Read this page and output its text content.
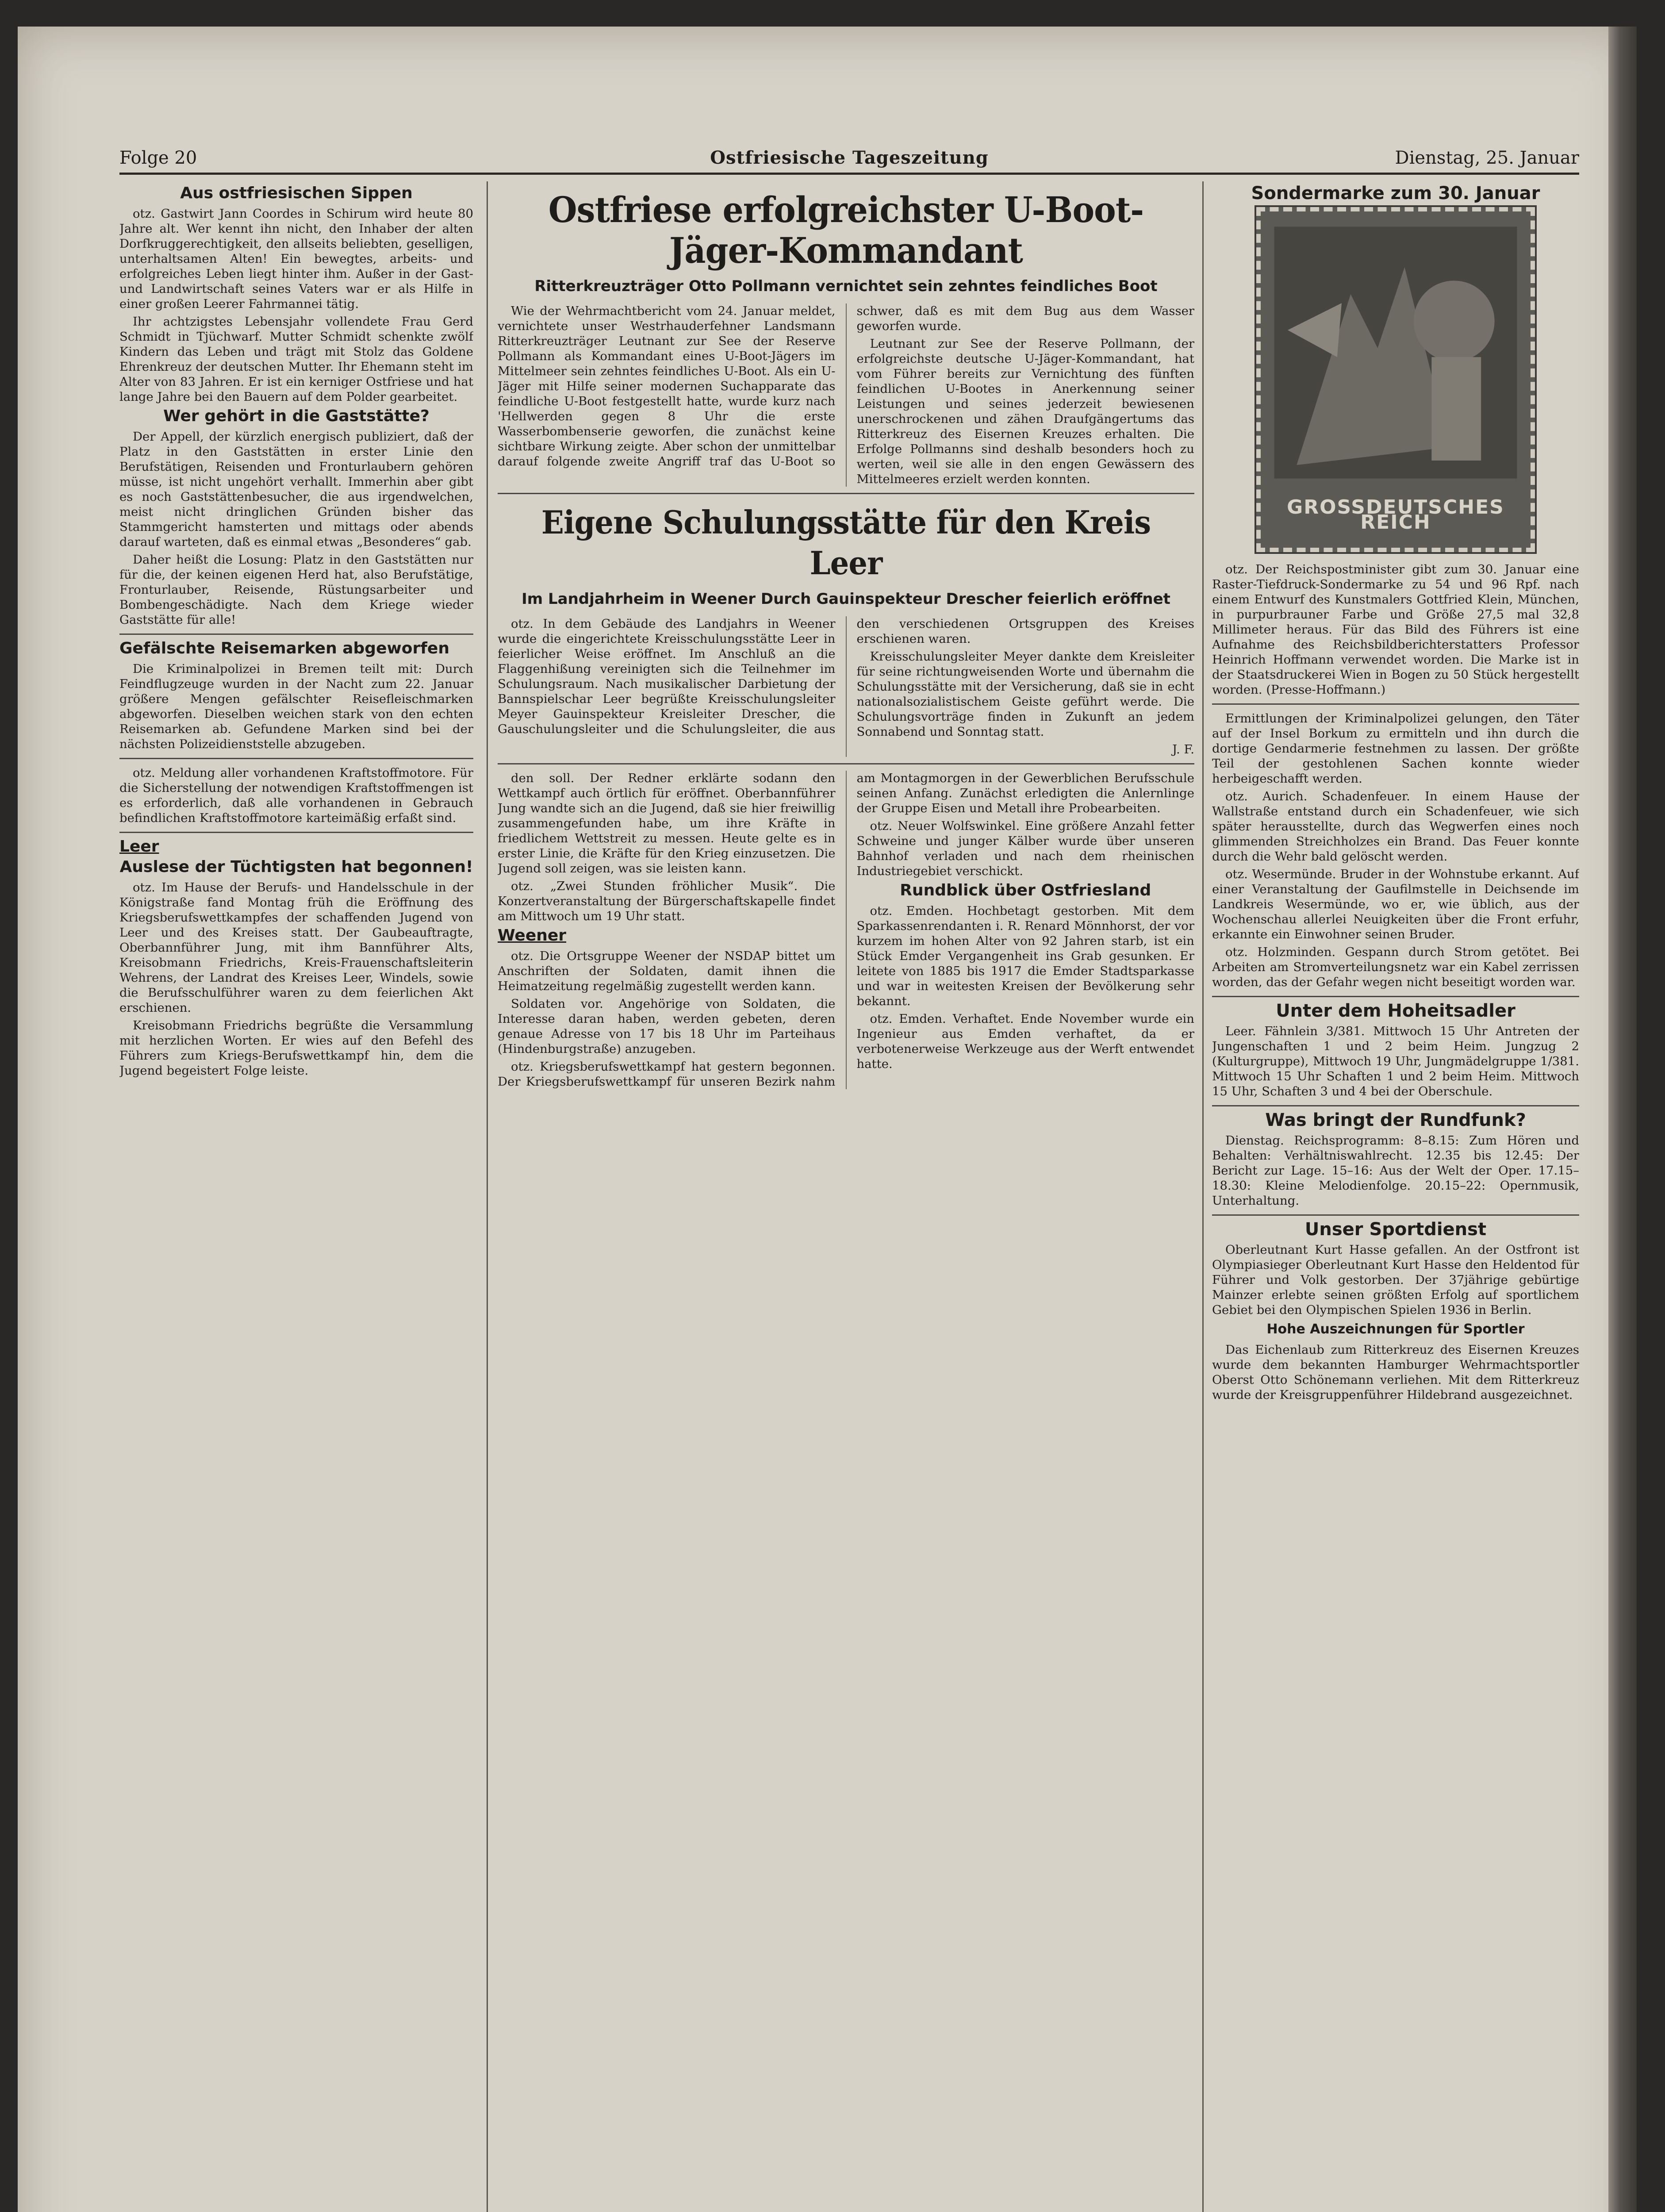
Folge 20	Ostfriesische Tageszeitung	Dienstag, 25. Januar
Aus ostfriesischen Sippen

otz. Gastwirt Jann Coordes in Schirum wird heute 80 Jahre alt. Wer kennt ihn nicht, den Inhaber der alten Dorfkruggerechtigkeit, den allseits beliebten, geselligen, unterhaltsamen Alten! Ein bewegtes, arbeits- und erfolgreiches Leben liegt hinter ihm. Außer in der Gast- und Landwirtschaft seines Vaters war er als Hilfe in einer großen Leerer Fahrmannei tätig.

Ihr achtzigstes Lebensjahr vollendete Frau Gerd Schmidt in Tjüchwarf. Mutter Schmidt schenkte zwölf Kindern das Leben und trägt mit Stolz das Goldene Ehrenkreuz der deutschen Mutter. Ihr Ehemann steht im Alter von 83 Jahren. Er ist ein kerniger Ostfriese und hat lange Jahre bei den Bauern auf dem Polder gearbeitet.

Wer gehört in die Gaststätte?

Der Appell, der kürzlich energisch publiziert, daß der Platz in den Gaststätten in erster Linie den Berufstätigen, Reisenden und Fronturlaubern gehören müsse, ist nicht ungehört verhallt. Immerhin aber gibt es noch Gaststättenbesucher, die aus irgendwelchen, meist nicht dringlichen Gründen bisher das Stammgericht hamsterten und mittags oder abends darauf warteten, daß es einmal etwas „Besonderes“ gab.

Daher heißt die Losung: Platz in den Gaststätten nur für die, der keinen eigenen Herd hat, also Berufstätige, Fronturlauber, Reisende, Rüstungsarbeiter und Bombengeschädigte. Nach dem Kriege wieder Gaststätte für alle!

Gefälschte Reisemarken abgeworfen

Die Kriminalpolizei in Bremen teilt mit: Durch Feindflugzeuge wurden in der Nacht zum 22. Januar größere Mengen gefälschter Reisefleischmarken abgeworfen. Dieselben weichen stark von den echten Reisemarken ab. Gefundene Marken sind bei der nächsten Polizeidienststelle abzugeben.

otz. Meldung aller vorhandenen Kraftstoffmotore. Für die Sicherstellung der notwendigen Kraftstoffmengen ist es erforderlich, daß alle vorhandenen in Gebrauch befindlichen Kraftstoffmotore karteimäßig erfaßt sind.

Leer
Auslese der Tüchtigsten hat begonnen!

otz. Im Hause der Berufs- und Handelsschule in der Königstraße fand Montag früh die Eröffnung des Kriegsberufswettkampfes der schaffenden Jugend von Leer und des Kreises statt. Der Gaubeauftragte, Oberbannführer Jung, mit ihm Bannführer Alts, Kreisobmann Friedrichs, Kreis-Frauenschaftsleiterin Wehrens, der Landrat des Kreises Leer, Windels, sowie die Berufsschulführer waren zu dem feierlichen Akt erschienen.

Kreisobmann Friedrichs begrüßte die Versammlung mit herzlichen Worten. Er wies auf den Befehl des Führers zum Kriegs-Berufswettkampf hin, dem die Jugend begeistert Folge leiste.

Ostfriese erfolgreichster U-Boot-Jäger-Kommandant
Ritterkreuzträger Otto Pollmann vernichtet sein zehntes feindliches Boot

Wie der Wehrmachtbericht vom 24. Januar meldet, vernichtete unser Westrhauderfehner Landsmann Ritterkreuzträger Leutnant zur See der Reserve Pollmann als Kommandant eines U-Boot-Jägers im Mittelmeer sein zehntes feindliches U-Boot. Als ein U-Jäger mit Hilfe seiner modernen Suchapparate das feindliche U-Boot festgestellt hatte, wurde kurz nach 'Hellwerden gegen 8 Uhr die erste Wasserbombenserie geworfen, die zunächst keine sichtbare Wirkung zeigte. Aber schon der unmittelbar darauf folgende zweite Angriff traf das U-Boot so schwer, daß es mit dem Bug aus dem Wasser geworfen wurde.

Leutnant zur See der Reserve Pollmann, der erfolgreichste deutsche U-Jäger-Kommandant, hat vom Führer bereits zur Vernichtung des fünften feindlichen U-Bootes in Anerkennung seiner Leistungen und seines jederzeit bewiesenen unerschrockenen und zähen Draufgängertums das Ritterkreuz des Eisernen Kreuzes erhalten. Die Erfolge Pollmanns sind deshalb besonders hoch zu werten, weil sie alle in den engen Gewässern des Mittelmeeres erzielt werden konnten.

Eigene Schulungsstätte für den Kreis Leer
Im Landjahrheim in Weener Durch Gauinspekteur Drescher feierlich eröffnet

otz. In dem Gebäude des Landjahrs in Weener wurde die eingerichtete Kreisschulungsstätte Leer in feierlicher Weise eröffnet. Im Anschluß an die Flaggenhißung vereinigten sich die Teilnehmer im Schulungsraum. Nach musikalischer Darbietung der Bannspielschar Leer begrüßte Kreisschulungsleiter Meyer Gauinspekteur Kreisleiter Drescher, die Gauschulungsleiter und die Schulungsleiter, die aus den verschiedenen Ortsgruppen des Kreises erschienen waren.

Kreisschulungsleiter Meyer dankte dem Kreisleiter für seine richtungweisenden Worte und übernahm die Schulungsstätte mit der Versicherung, daß sie in echt nationalsozialistischem Geiste geführt werde. Die Schulungsvorträge finden in Zukunft an jedem Sonnabend und Sonntag statt.

J. F.

den soll. Der Redner erklärte sodann den Wettkampf auch örtlich für eröffnet. Oberbannführer Jung wandte sich an die Jugend, daß sie hier freiwillig zusammengefunden habe, um ihre Kräfte in friedlichem Wettstreit zu messen. Heute gelte es in erster Linie, die Kräfte für den Krieg einzusetzen. Die Jugend soll zeigen, was sie leisten kann.

otz. „Zwei Stunden fröhlicher Musik“. Die Konzertveranstaltung der Bürgerschaftskapelle findet am Mittwoch um 19 Uhr statt.

Weener

otz. Die Ortsgruppe Weener der NSDAP bittet um Anschriften der Soldaten, damit ihnen die Heimatzeitung regelmäßig zugestellt werden kann.

Soldaten vor. Angehörige von Soldaten, die Interesse daran haben, werden gebeten, deren genaue Adresse von 17 bis 18 Uhr im Parteihaus (Hindenburgstraße) anzugeben.

otz. Kriegsberufswettkampf hat gestern begonnen. Der Kriegsberufswettkampf für unseren Bezirk nahm am Montagmorgen in der Gewerblichen Berufsschule seinen Anfang. Zunächst erledigten die Anlernlinge der Gruppe Eisen und Metall ihre Probearbeiten.

otz. Neuer Wolfswinkel. Eine größere Anzahl fetter Schweine und junger Kälber wurde über unseren Bahnhof verladen und nach dem rheinischen Industriegebiet verschickt.

Rundblick über Ostfriesland

otz. Emden. Hochbetagt gestorben. Mit dem Sparkassenrendanten i. R. Renard Mönnhorst, der vor kurzem im hohen Alter von 92 Jahren starb, ist ein Stück Emder Vergangenheit ins Grab gesunken. Er leitete von 1885 bis 1917 die Emder Stadtsparkasse und war in weitesten Kreisen der Bevölkerung sehr bekannt.

otz. Emden. Verhaftet. Ende November wurde ein Ingenieur aus Emden verhaftet, da er verbotenerweise Werkzeuge aus der Werft entwendet hatte.

Sondermarke zum 30. Januar
GROSSDEUTSCHES REICH

otz. Der Reichspostminister gibt zum 30. Januar eine Raster-Tiefdruck-Sondermarke zu 54 und 96 Rpf. nach einem Entwurf des Kunstmalers Gottfried Klein, München, in purpurbrauner Farbe und Größe 27,5 mal 32,8 Millimeter heraus. Für das Bild des Führers ist eine Aufnahme des Reichsbildberichterstatters Professor Heinrich Hoffmann verwendet worden. Die Marke ist in der Staatsdruckerei Wien in Bogen zu 50 Stück hergestellt worden. (Presse-Hoffmann.)

Ermittlungen der Kriminalpolizei gelungen, den Täter auf der Insel Borkum zu ermitteln und ihn durch die dortige Gendarmerie festnehmen zu lassen. Der größte Teil der gestohlenen Sachen konnte wieder herbeigeschafft werden.

otz. Aurich. Schadenfeuer. In einem Hause der Wallstraße entstand durch ein Schadenfeuer, wie sich später herausstellte, durch das Wegwerfen eines noch glimmenden Streichholzes ein Brand. Das Feuer konnte durch die Wehr bald gelöscht werden.

otz. Wesermünde. Bruder in der Wohnstube erkannt. Auf einer Veranstaltung der Gaufilmstelle in Deichsende im Landkreis Wesermünde, wo er, wie üblich, aus der Wochenschau allerlei Neuigkeiten über die Front erfuhr, erkannte ein Einwohner seinen Bruder.

otz. Holzminden. Gespann durch Strom getötet. Bei Arbeiten am Stromverteilungsnetz war ein Kabel zerrissen worden, das der Gefahr wegen nicht beseitigt worden war.

Unter dem Hoheitsadler

Leer. Fähnlein 3/381. Mittwoch 15 Uhr Antreten der Jungenschaften 1 und 2 beim Heim. Jungzug 2 (Kulturgruppe), Mittwoch 19 Uhr, Jungmädelgruppe 1/381. Mittwoch 15 Uhr Schaften 1 und 2 beim Heim. Mittwoch 15 Uhr, Schaften 3 und 4 bei der Oberschule.

Was bringt der Rundfunk?

Dienstag. Reichsprogramm: 8–8.15: Zum Hören und Behalten: Verhältniswahlrecht. 12.35 bis 12.45: Der Bericht zur Lage. 15–16: Aus der Welt der Oper. 17.15–18.30: Kleine Melodienfolge. 20.15–22: Opernmusik, Unterhaltung.

Unser Sportdienst

Oberleutnant Kurt Hasse gefallen. An der Ostfront ist Olympiasieger Oberleutnant Kurt Hasse den Heldentod für Führer und Volk gestorben. Der 37jährige gebürtige Mainzer erlebte seinen größten Erfolg auf sportlichem Gebiet bei den Olympischen Spielen 1936 in Berlin.

Hohe Auszeichnungen für Sportler

Das Eichenlaub zum Ritterkreuz des Eisernen Kreuzes wurde dem bekannten Hamburger Wehrmachtsportler Oberst Otto Schönemann verliehen. Mit dem Ritterkreuz wurde der Kreisgruppenführer Hildebrand ausgezeichnet.
